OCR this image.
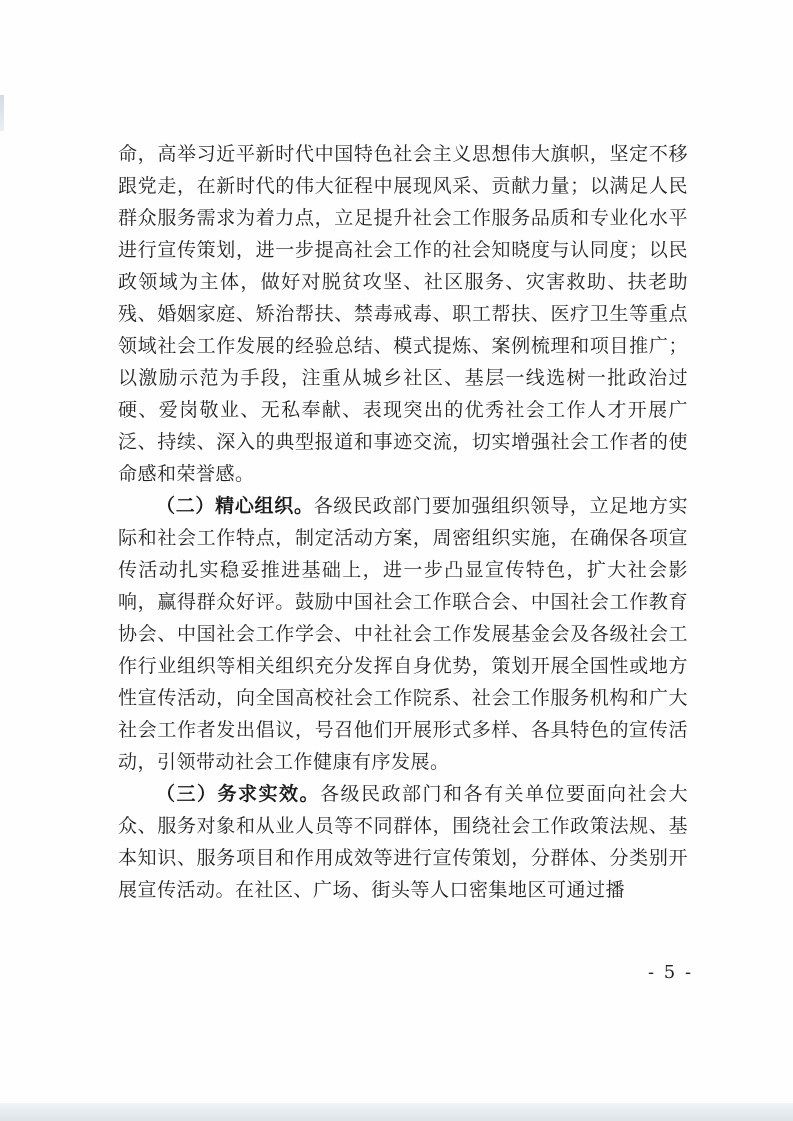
命，高举习近平新时代中国特色社会主义思想伟大旗帜，坚定不移跟党走，在新时代的伟大征程中展现风采、贡献力量；以满足人民群众服务需求为着力点，立足提升社会工作服务品质和专业化水平进行宣传策划，进一步提高社会工作的社会知晓度与认同度；以民政领域为主体，做好对脱贫攻坚、社区服务、灾害救助、扶老助残、婚姻家庭、矫治帮扶、禁毒戒毒、职工帮扶、医疗卫生等重点领域社会工作发展的经验总结、模式提炼、案例梳理和项目推广；以激励示范为手段，注重从城乡社区、基层一线选树一批政治过硬、爱岗敬业、无私奉献、表现突出的优秀社会工作人才开展广泛、持续、深入的典型报道和事迹交流，切实增强社会工作者的使命感和荣誉感。

（二）精心组织。各级民政部门要加强组织领导，立足地方实际和社会工作特点，制定活动方案，周密组织实施，在确保各项宣传活动扎实稳妥推进基础上，进一步凸显宣传特色，扩大社会影响，赢得群众好评。鼓励中国社会工作联合会、中国社会工作教育协会、中国社会工作学会、中社社会工作发展基金会及各级社会工作行业组织等相关组织充分发挥自身优势，策划开展全国性或地方性宣传活动，向全国高校社会工作院系、社会工作服务机构和广大社会工作者发出倡议，号召他们开展形式多样、各具特色的宣传活动，引领带动社会工作健康有序发展。

（三）务求实效。各级民政部门和各有关单位要面向社会大众、服务对象和从业人员等不同群体，围绕社会工作政策法规、基本知识、服务项目和作用成效等进行宣传策划，分群体、分类别开展宣传活动。在社区、广场、街头等人口密集地区可通过播

- 5 -
